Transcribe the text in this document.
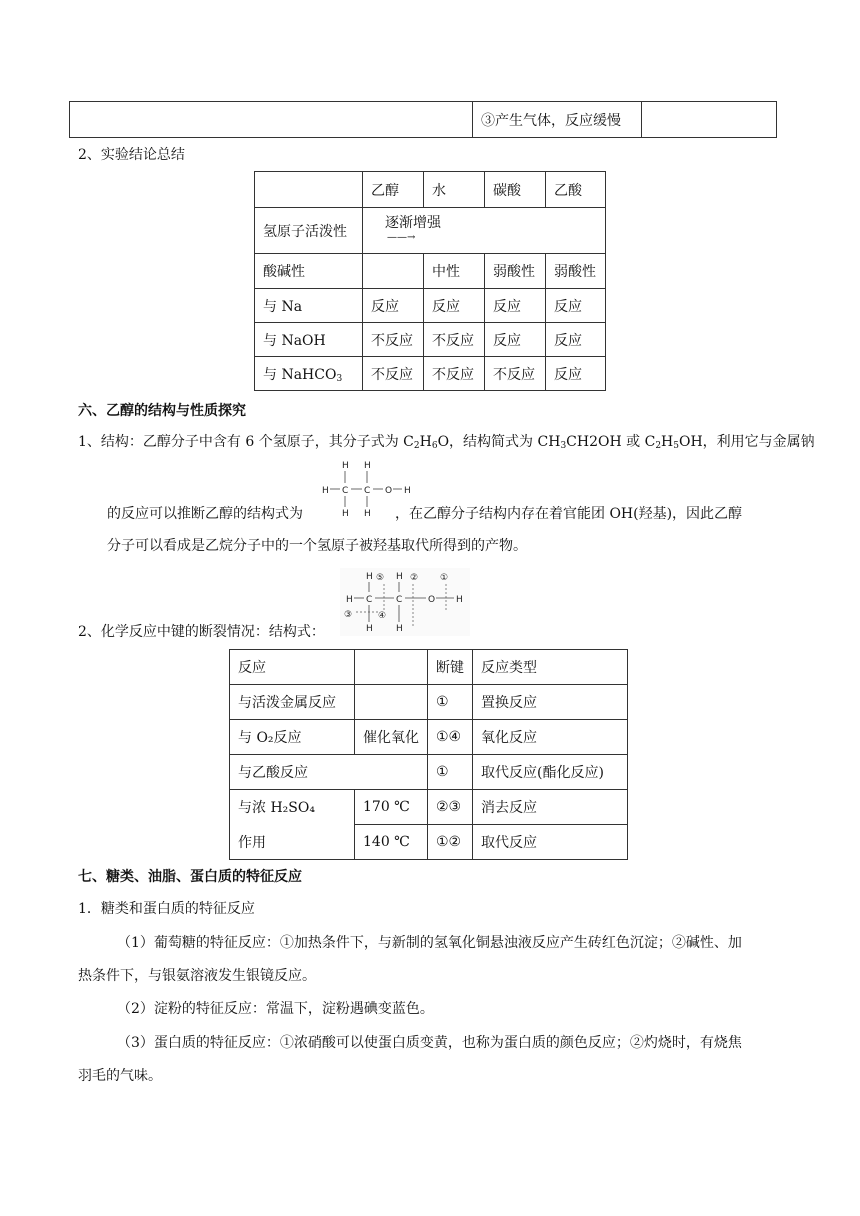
	③产生气体，反应缓慢	
2、实验结论总结
	乙醇	水	碳酸	乙酸
氢原子活泼性	逐渐增强
——→			

酸碱性		中性	弱酸性	弱酸性
与 Na	反应	反应	反应	反应
与 NaOH	不反应	不反应	反应	反应
与 NaHCO$_3$	不反应	不反应	不反应	反应
六、乙醇的结构与性质探究
1、结构：乙醇分子中含有 6 个氢原子，其分子式为 $C_2H_6O$，结构简式为 $CH_3CH2OH$ 或 $C_2H_5OH$，利用它与金属钠
H H
H C C O H
H H
的反应可以推断乙醇的结构式为	，在乙醇分子结构内存在着官能团 OH(羟基)，因此乙醇
分子可以看成是乙烷分子中的一个氢原子被羟基取代所得到的产物。
H	H
H C	C	O H
H	H
⑤	② ①
③	④
2、化学反应中键的断裂情况：结构式：
反应		断键	反应类型
与活泼金属反应		①	置换反应
与 O₂反应	催化氧化	①④	氧化反应
与乙酸反应		①	取代反应(酯化反应)
与浓 H₂SO₄	170 ℃	②③	消去反应
作用	140 ℃	①②	取代反应
七、糖类、油脂、蛋白质的特征反应
1．糖类和蛋白质的特征反应
（1）葡萄糖的特征反应：①加热条件下，与新制的氢氧化铜悬浊液反应产生砖红色沉淀；②碱性、加
热条件下，与银氨溶液发生银镜反应。
（2）淀粉的特征反应：常温下，淀粉遇碘变蓝色。
（3）蛋白质的特征反应：①浓硝酸可以使蛋白质变黄，也称为蛋白质的颜色反应；②灼烧时，有烧焦
羽毛的气味。
